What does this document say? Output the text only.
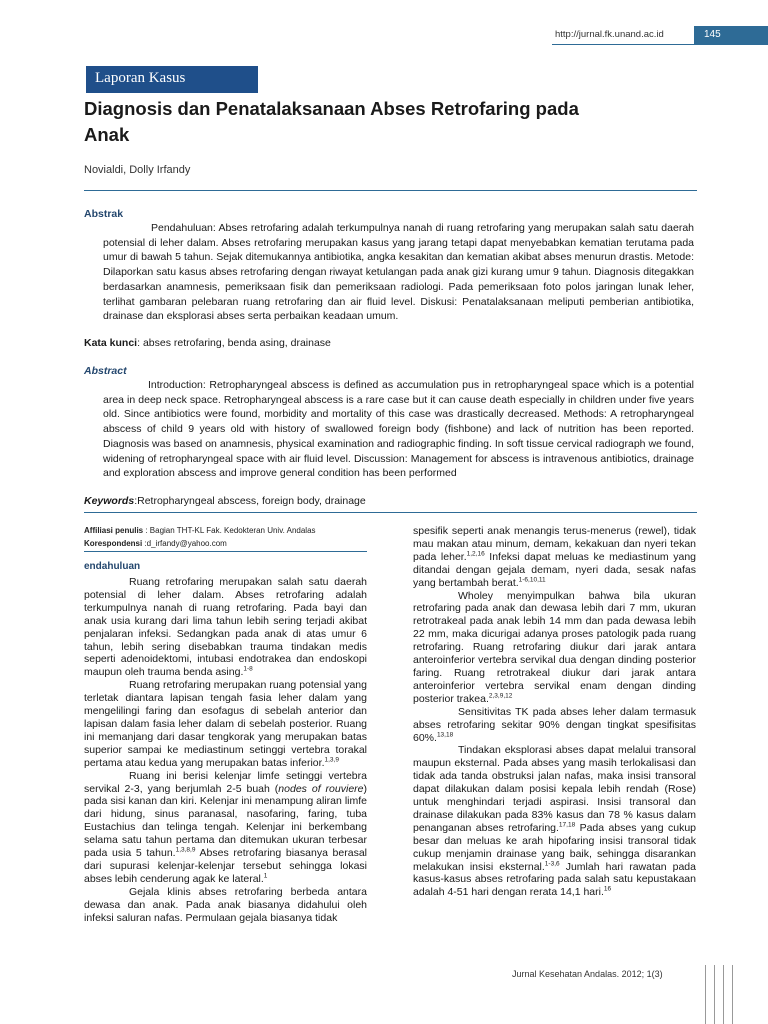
http://jurnal.fk.unand.ac.id	145
Laporan Kasus
Diagnosis dan Penatalaksanaan Abses Retrofaring pada Anak
Novialdi, Dolly Irfandy
Abstrak
Pendahuluan: Abses retrofaring adalah terkumpulnya nanah di ruang retrofaring yang merupakan salah satu daerah potensial di leher dalam. Abses retrofaring merupakan kasus yang jarang tetapi dapat menyebabkan kematian terutama pada umur di bawah 5 tahun. Sejak ditemukannya antibiotika, angka kesakitan dan kematian akibat abses menurun drastis. Metode: Dilaporkan satu kasus abses retrofaring dengan riwayat ketulangan pada anak gizi kurang umur 9 tahun. Diagnosis ditegakkan berdasarkan anamnesis, pemeriksaan fisik dan pemeriksaan radiologi. Pada pemeriksaan foto polos jaringan lunak leher, terlihat gambaran pelebaran ruang retrofaring dan air fluid level. Diskusi: Penatalaksanaan meliputi pemberian antibiotika, drainase dan eksplorasi abses serta perbaikan keadaan umum.
Kata kunci: abses retrofaring, benda asing, drainase
Abstract
Introduction: Retropharyngeal abscess is defined as accumulation pus in retropharyngeal space which is a potential area in deep neck space. Retropharyngeal abscess is a rare case but it can cause death especially in children under five years old. Since antibiotics were found, morbidity and mortality of this case was drastically decreased. Methods: A retropharyngeal abscess of child 9 years old with history of swallowed foreign body (fishbone) and lack of nutrition has been reported. Diagnosis was based on anamnesis, physical examination and radiographic finding. In soft tissue cervical radiograph we found, widening of retropharyngeal space with air fluid level. Discussion: Management for abscess is intravenous antibiotics, drainage and exploration abscess and improve general condition has been performed
Keywords:Retropharyngeal abscess, foreign body, drainage
Affiliasi penulis : Bagian THT-KL Fak. Kedokteran Univ. Andalas
Korespondensi :d_irfandy@yahoo.com
endahuluan

Ruang retrofaring merupakan salah satu daerah potensial di leher dalam. Abses retrofaring adalah terkumpulnya nanah di ruang retrofaring. Pada bayi dan anak usia kurang dari lima tahun lebih sering terjadi akibat penjalaran infeksi. Sedangkan pada anak di atas umur 6 tahun, lebih sering disebabkan trauma tindakan medis seperti adenoidektomi, intubasi endotrakea dan endoskopi maupun oleh trauma benda asing.$^{1-8}$

Ruang retrofaring merupakan ruang potensial yang terletak diantara lapisan tengah fasia leher dalam yang mengelilingi faring dan esofagus di sebelah anterior dan lapisan dalam fasia leher dalam di sebelah posterior. Ruang ini memanjang dari dasar tengkorak yang merupakan batas superior sampai ke mediastinum setinggi vertebra torakal pertama atau kedua yang merupakan batas inferior.$^{1,3,9}$

Ruang ini berisi kelenjar limfe setinggi vertebra servikal 2-3, yang berjumlah 2-5 buah (nodes of rouviere) pada sisi kanan dan kiri. Kelenjar ini menampung aliran limfe dari hidung, sinus paranasal, nasofaring, faring, tuba Eustachius dan telinga tengah. Kelenjar ini berkembang selama satu tahun pertama dan ditemukan ukuran terbesar pada usia 5 tahun.$^{1,3,8,9}$ Abses retrofaring biasanya berasal dari supurasi kelenjar-kelenjar tersebut sehingga lokasi abses lebih cenderung agak ke lateral.$^1$

Gejala klinis abses retrofaring berbeda antara dewasa dan anak. Pada anak biasanya didahului oleh infeksi saluran nafas. Permulaan gejala biasanya tidak

spesifik seperti anak menangis terus-menerus (rewel), tidak mau makan atau minum, demam, kekakuan dan nyeri tekan pada leher.$^{1,2,16}$ Infeksi dapat meluas ke mediastinum yang ditandai dengan gejala demam, nyeri dada, sesak nafas yang bertambah berat.$^{1-6,10,11}$

Wholey menyimpulkan bahwa bila ukuran retrofaring pada anak dan dewasa lebih dari 7 mm, ukuran retrotrakeal pada anak lebih 14 mm dan pada dewasa lebih 22 mm, maka dicurigai adanya proses patologik pada ruang retrofaring. Ruang retrofaring diukur dari jarak antara anteroinferior vertebra servikal dua dengan dinding posterior faring. Ruang retrotrakeal diukur dari jarak antara anteroinferior vertebra servikal enam dengan dinding posterior trakea.$^{2,3,9,12}$

Sensitivitas TK pada abses leher dalam termasuk abses retrofaring sekitar 90% dengan tingkat spesifisitas 60%.$^{13,18}$

Tindakan eksplorasi abses dapat melalui transoral maupun eksternal. Pada abses yang masih terlokalisasi dan tidak ada tanda obstruksi jalan nafas, maka insisi transoral dapat dilakukan dalam posisi kepala lebih rendah (Rose) untuk menghindari terjadi aspirasi. Insisi transoral dan drainase dilakukan pada 83% kasus dan 78 % kasus dalam penanganan abses retrofaring.$^{17,18}$ Pada abses yang cukup besar dan meluas ke arah hipofaring insisi transoral tidak cukup menjamin drainase yang baik, sehingga disarankan melakukan insisi eksternal.$^{1-3,6}$ Jumlah hari rawatan pada kasus-kasus abses retrofaring pada salah satu kepustakaan adalah 4-51 hari dengan rerata 14,1 hari.$^{16}$

Jurnal Kesehatan Andalas. 2012; 1(3)
